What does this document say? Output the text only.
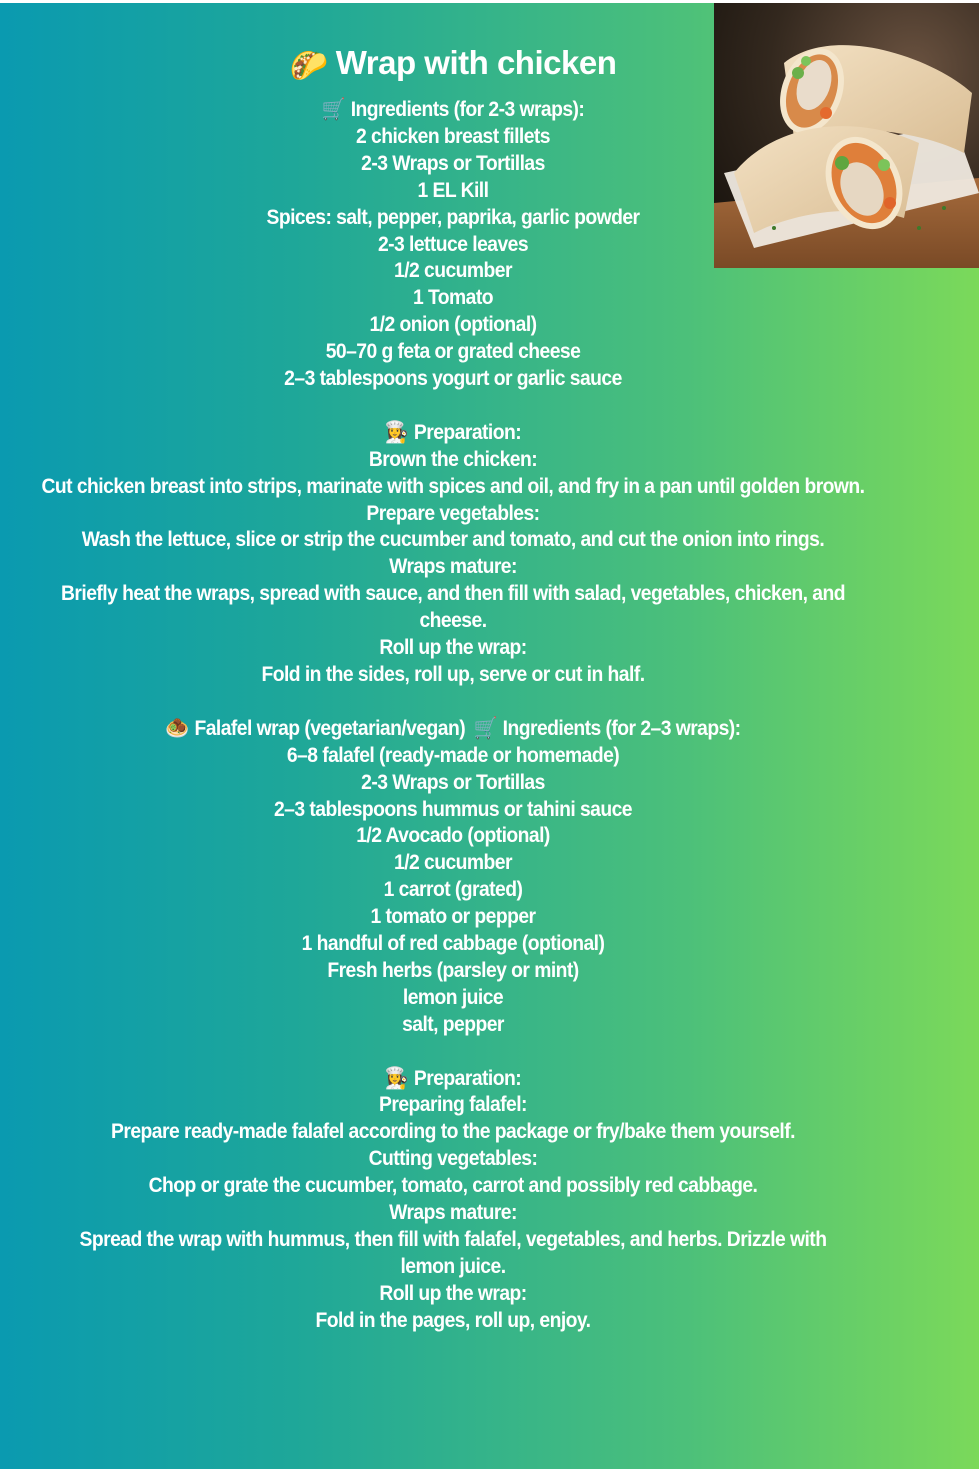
🌮 Wrap with chicken
🛒 Ingredients (for 2-3 wraps):
2 chicken breast fillets
2-3 Wraps or Tortillas
1 EL Kill
Spices: salt, pepper, paprika, garlic powder
2-3 lettuce leaves
1/2 cucumber
1 Tomato
1/2 onion (optional)
50–70 g feta or grated cheese
2–3 tablespoons yogurt or garlic sauce
👩‍🍳 Preparation:
Brown the chicken:
Cut chicken breast into strips, marinate with spices and oil, and fry in a pan until golden brown.
Prepare vegetables:
Wash the lettuce, slice or strip the cucumber and tomato, and cut the onion into rings.
Wraps mature:
Briefly heat the wraps, spread with sauce, and then fill with salad, vegetables, chicken, and cheese.
Roll up the wrap:
Fold in the sides, roll up, serve or cut in half.
🧆 Falafel wrap (vegetarian/vegan) 🛒 Ingredients (for 2–3 wraps):
6–8 falafel (ready-made or homemade)
2-3 Wraps or Tortillas
2–3 tablespoons hummus or tahini sauce
1/2 Avocado (optional)
1/2 cucumber
1 carrot (grated)
1 tomato or pepper
1 handful of red cabbage (optional)
Fresh herbs (parsley or mint)
lemon juice
salt, pepper
👩‍🍳 Preparation:
Preparing falafel:
Prepare ready-made falafel according to the package or fry/bake them yourself.
Cutting vegetables:
Chop or grate the cucumber, tomato, carrot and possibly red cabbage.
Wraps mature:
Spread the wrap with hummus, then fill with falafel, vegetables, and herbs. Drizzle with lemon juice.
Roll up the wrap:
Fold in the pages, roll up, enjoy.
